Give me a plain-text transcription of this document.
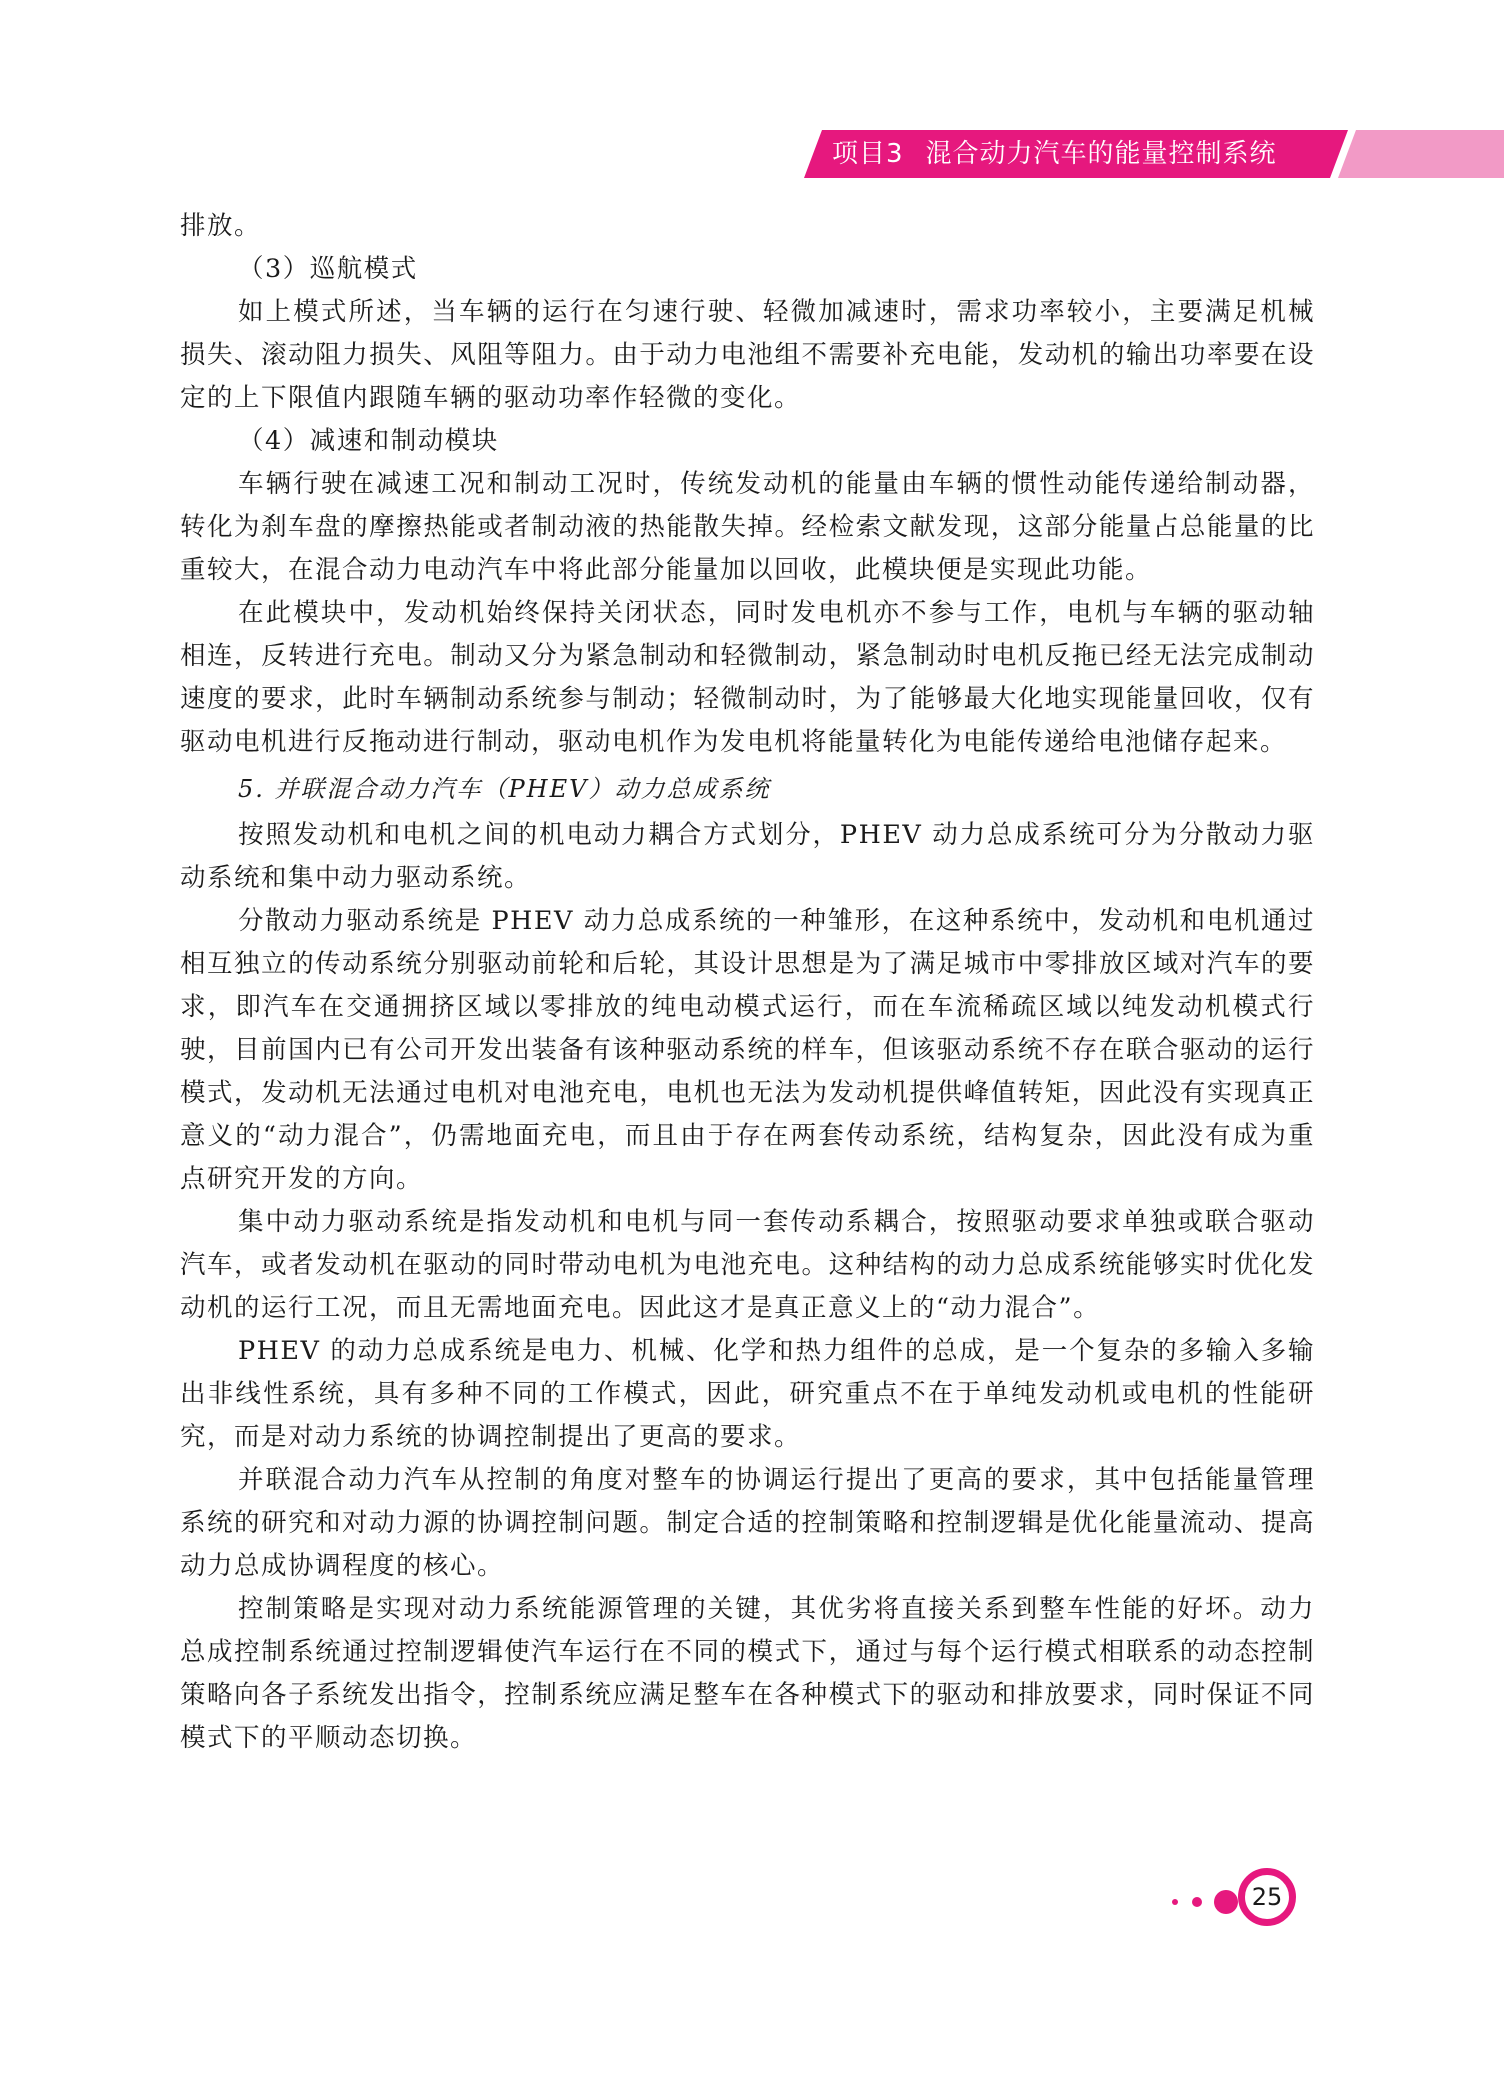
项目3 混合动力汽车的能量控制系统

排放。

（3）巡航模式

如上模式所述，当车辆的运行在匀速行驶、轻微加减速时，需求功率较小，主要满足机械损失、滚动阻力损失、风阻等阻力。由于动力电池组不需要补充电能，发动机的输出功率要在设定的上下限值内跟随车辆的驱动功率作轻微的变化。

（4）减速和制动模块

车辆行驶在减速工况和制动工况时，传统发动机的能量由车辆的惯性动能传递给制动器，转化为刹车盘的摩擦热能或者制动液的热能散失掉。经检索文献发现，这部分能量占总能量的比重较大，在混合动力电动汽车中将此部分能量加以回收，此模块便是实现此功能。

在此模块中，发动机始终保持关闭状态，同时发电机亦不参与工作，电机与车辆的驱动轴相连，反转进行充电。制动又分为紧急制动和轻微制动，紧急制动时电机反拖已经无法完成制动速度的要求，此时车辆制动系统参与制动；轻微制动时，为了能够最大化地实现能量回收，仅有驱动电机进行反拖动进行制动，驱动电机作为发电机将能量转化为电能传递给电池储存起来。

5. 并联混合动力汽车（PHEV）动力总成系统

按照发动机和电机之间的机电动力耦合方式划分，PHEV 动力总成系统可分为分散动力驱动系统和集中动力驱动系统。

分散动力驱动系统是 PHEV 动力总成系统的一种雏形，在这种系统中，发动机和电机通过相互独立的传动系统分别驱动前轮和后轮，其设计思想是为了满足城市中零排放区域对汽车的要求，即汽车在交通拥挤区域以零排放的纯电动模式运行，而在车流稀疏区域以纯发动机模式行驶，目前国内已有公司开发出装备有该种驱动系统的样车，但该驱动系统不存在联合驱动的运行模式，发动机无法通过电机对电池充电，电机也无法为发动机提供峰值转矩，因此没有实现真正意义的“动力混合”，仍需地面充电，而且由于存在两套传动系统，结构复杂，因此没有成为重点研究开发的方向。

集中动力驱动系统是指发动机和电机与同一套传动系耦合，按照驱动要求单独或联合驱动汽车，或者发动机在驱动的同时带动电机为电池充电。这种结构的动力总成系统能够实时优化发动机的运行工况，而且无需地面充电。因此这才是真正意义上的“动力混合”。

PHEV 的动力总成系统是电力、机械、化学和热力组件的总成，是一个复杂的多输入多输出非线性系统，具有多种不同的工作模式，因此，研究重点不在于单纯发动机或电机的性能研究，而是对动力系统的协调控制提出了更高的要求。

并联混合动力汽车从控制的角度对整车的协调运行提出了更高的要求，其中包括能量管理系统的研究和对动力源的协调控制问题。制定合适的控制策略和控制逻辑是优化能量流动、提高动力总成协调程度的核心。

控制策略是实现对动力系统能源管理的关键，其优劣将直接关系到整车性能的好坏。动力总成控制系统通过控制逻辑使汽车运行在不同的模式下，通过与每个运行模式相联系的动态控制策略向各子系统发出指令，控制系统应满足整车在各种模式下的驱动和排放要求，同时保证不同模式下的平顺动态切换。

25
